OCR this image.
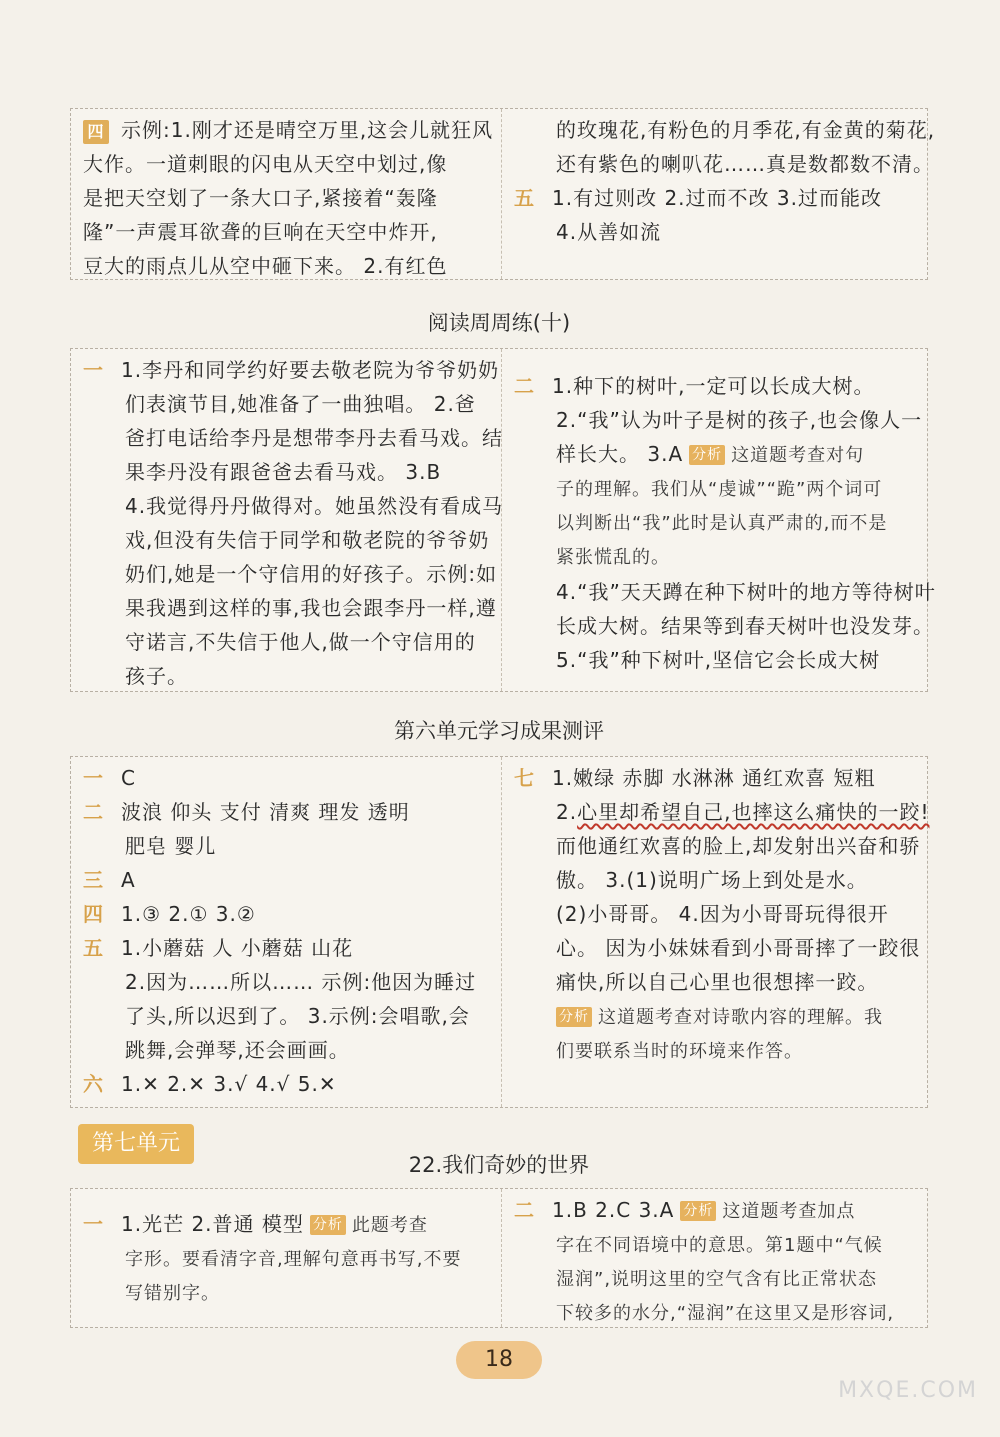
四 示例:1.刚才还是晴空万里,这会儿就狂风
大作。一道刺眼的闪电从天空中划过,像
是把天空划了一条大口子,紧接着“轰隆
隆”一声震耳欲聋的巨响在天空中炸开,
豆大的雨点儿从空中砸下来。 2.有红色
的玫瑰花,有粉色的月季花,有金黄的菊花,
还有紫色的喇叭花……真是数都数不清。
五 1.有过则改 2.过而不改 3.过而能改
4.从善如流
阅读周周练(十)
一 1.李丹和同学约好要去敬老院为爷爷奶奶
们表演节目,她准备了一曲独唱。 2.爸
爸打电话给李丹是想带李丹去看马戏。结
果李丹没有跟爸爸去看马戏。 3.B
4.我觉得丹丹做得对。她虽然没有看成马
戏,但没有失信于同学和敬老院的爷爷奶
奶们,她是一个守信用的好孩子。示例:如
果我遇到这样的事,我也会跟李丹一样,遵
守诺言,不失信于他人,做一个守信用的
孩子。
二 1.种下的树叶,一定可以长成大树。
2.“我”认为叶子是树的孩子,也会像人一
样长大。 3.A 分析 这道题考查对句
子的理解。我们从“虔诚”“跪”两个词可
以判断出“我”此时是认真严肃的,而不是
紧张慌乱的。
4.“我”天天蹲在种下树叶的地方等待树叶
长成大树。结果等到春天树叶也没发芽。
5.“我”种下树叶,坚信它会长成大树
第六单元学习成果测评
一 C
二 波浪 仰头 支付 清爽 理发 透明
肥皂 婴儿
三 A
四 1.③ 2.① 3.②
五 1.小蘑菇 人 小蘑菇 山花
2.因为……所以…… 示例:他因为睡过
了头,所以迟到了。 3.示例:会唱歌,会
跳舞,会弹琴,还会画画。
六 1.✕ 2.✕ 3.√ 4.√ 5.✕
七 1.嫩绿 赤脚 水淋淋 通红欢喜 短粗
2.心里却希望自己,也摔这么痛快的一跤!
而他通红欢喜的脸上,却发射出兴奋和骄
傲。 3.(1)说明广场上到处是水。
(2)小哥哥。 4.因为小哥哥玩得很开
心。 因为小妹妹看到小哥哥摔了一跤很
痛快,所以自己心里也很想摔一跤。
分析 这道题考查对诗歌内容的理解。我
们要联系当时的环境来作答。
第七单元
22.我们奇妙的世界
一 1.光芒 2.普通 模型 分析 此题考查
字形。要看清字音,理解句意再书写,不要
写错别字。
二 1.B 2.C 3.A 分析 这道题考查加点
字在不同语境中的意思。第1题中“气候
湿润”,说明这里的空气含有比正常状态
下较多的水分,“湿润”在这里又是形容词,
18
MXQE.COM
